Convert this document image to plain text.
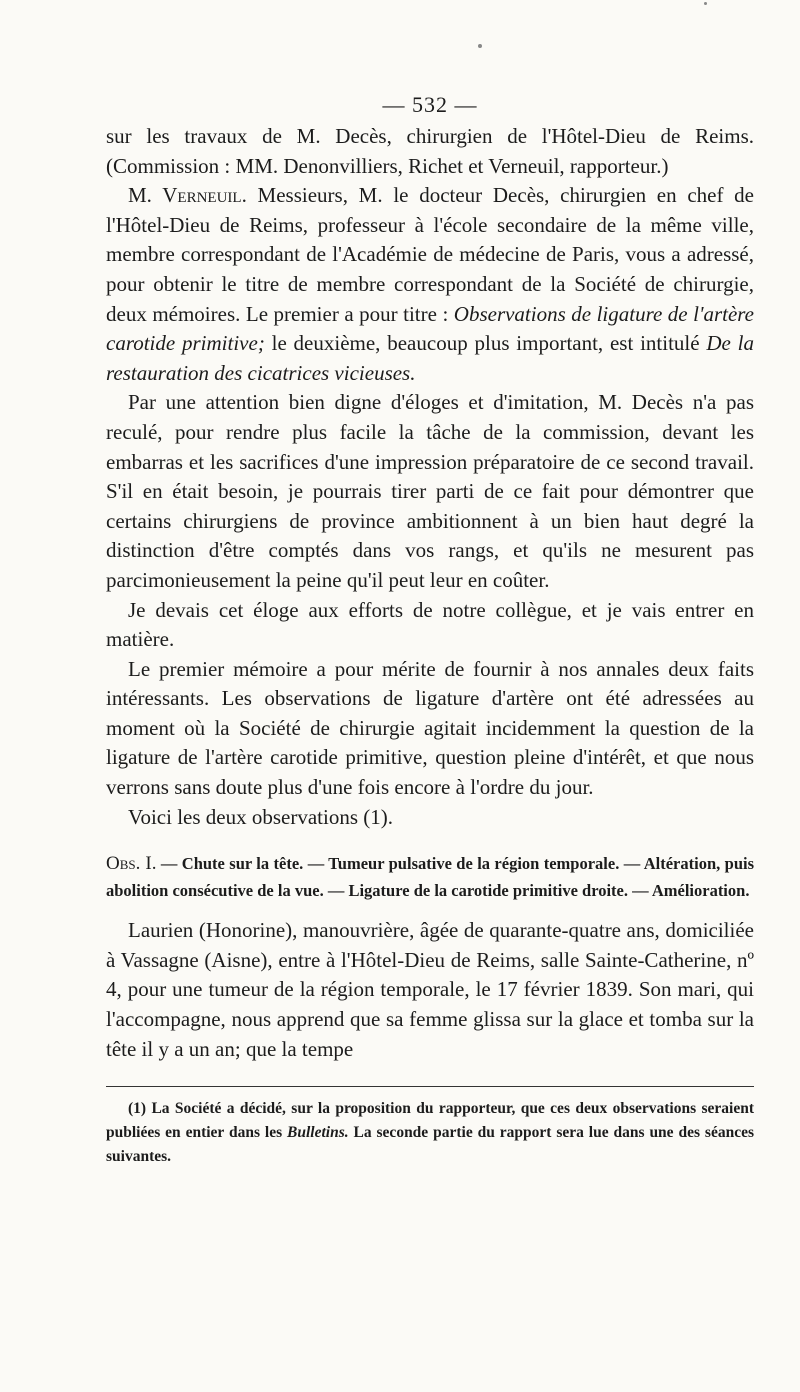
— 532 —

sur les travaux de M. Decès, chirurgien de l'Hôtel-Dieu de Reims. (Commission : MM. Denonvilliers, Richet et Verneuil, rapporteur.)

M. Verneuil. Messieurs, M. le docteur Decès, chirurgien en chef de l'Hôtel-Dieu de Reims, professeur à l'école secondaire de la même ville, membre correspondant de l'Académie de médecine de Paris, vous a adressé, pour obtenir le titre de membre correspondant de la Société de chirurgie, deux mémoires. Le premier a pour titre : Observations de ligature de l'artère carotide primitive; le deuxième, beaucoup plus important, est intitulé De la restauration des cicatrices vicieuses.

Par une attention bien digne d'éloges et d'imitation, M. Decès n'a pas reculé, pour rendre plus facile la tâche de la commission, devant les embarras et les sacrifices d'une impression préparatoire de ce second travail. S'il en était besoin, je pourrais tirer parti de ce fait pour démontrer que certains chirurgiens de province ambitionnent à un bien haut degré la distinction d'être comptés dans vos rangs, et qu'ils ne mesurent pas parcimonieusement la peine qu'il peut leur en coûter.

Je devais cet éloge aux efforts de notre collègue, et je vais entrer en matière.

Le premier mémoire a pour mérite de fournir à nos annales deux faits intéressants. Les observations de ligature d'artère ont été adressées au moment où la Société de chirurgie agitait incidemment la question de la ligature de l'artère carotide primitive, question pleine d'intérêt, et que nous verrons sans doute plus d'une fois encore à l'ordre du jour.

Voici les deux observations (1).

Obs. I. — Chute sur la tête. — Tumeur pulsative de la région temporale. — Altération, puis abolition consécutive de la vue. — Ligature de la carotide primitive droite. — Amélioration.

Laurien (Honorine), manouvrière, âgée de quarante-quatre ans, domiciliée à Vassagne (Aisne), entre à l'Hôtel-Dieu de Reims, salle Sainte-Catherine, nº 4, pour une tumeur de la région temporale, le 17 février 1839. Son mari, qui l'accompagne, nous apprend que sa femme glissa sur la glace et tomba sur la tête il y a un an; que la tempe

(1) La Société a décidé, sur la proposition du rapporteur, que ces deux observations seraient publiées en entier dans les Bulletins. La seconde partie du rapport sera lue dans une des séances suivantes.
